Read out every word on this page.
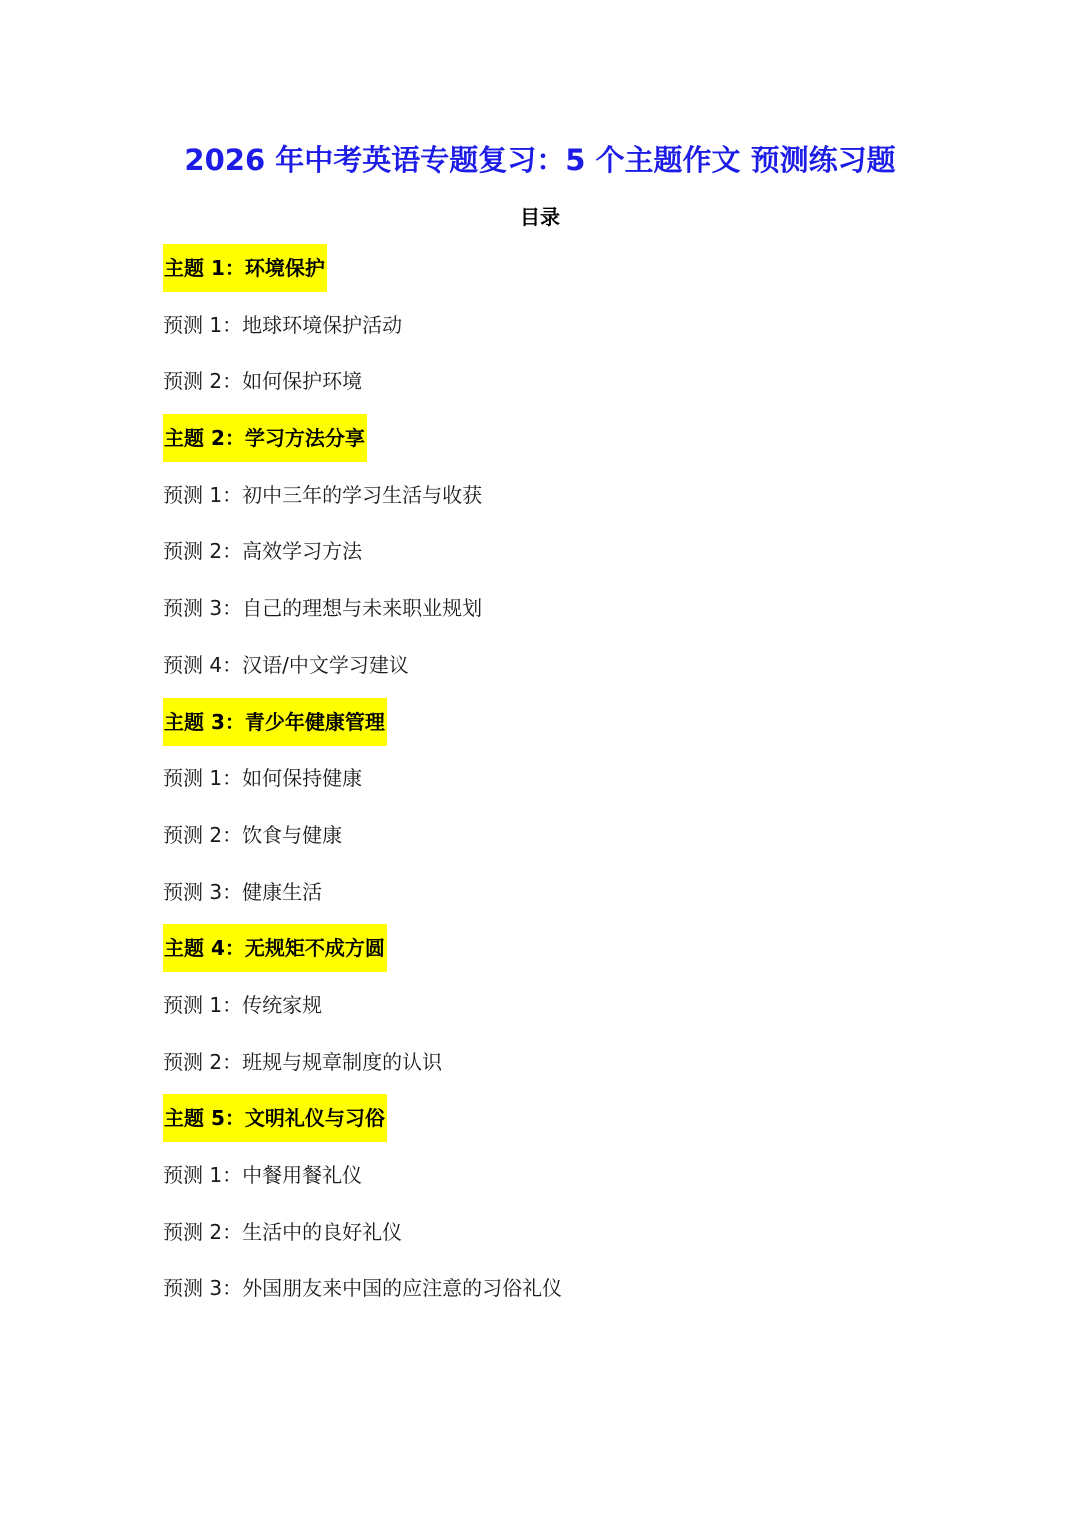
2026 年中考英语专题复习：5 个主题作文 预测练习题
目录
主题 1：环境保护
预测 1：地球环境保护活动
预测 2：如何保护环境
主题 2：学习方法分享
预测 1：初中三年的学习生活与收获
预测 2：高效学习方法
预测 3：自己的理想与未来职业规划
预测 4：汉语/中文学习建议
主题 3：青少年健康管理
预测 1：如何保持健康
预测 2：饮食与健康
预测 3：健康生活
主题 4：无规矩不成方圆
预测 1：传统家规
预测 2：班规与规章制度的认识
主题 5：文明礼仪与习俗
预测 1：中餐用餐礼仪
预测 2：生活中的良好礼仪
预测 3：外国朋友来中国的应注意的习俗礼仪
